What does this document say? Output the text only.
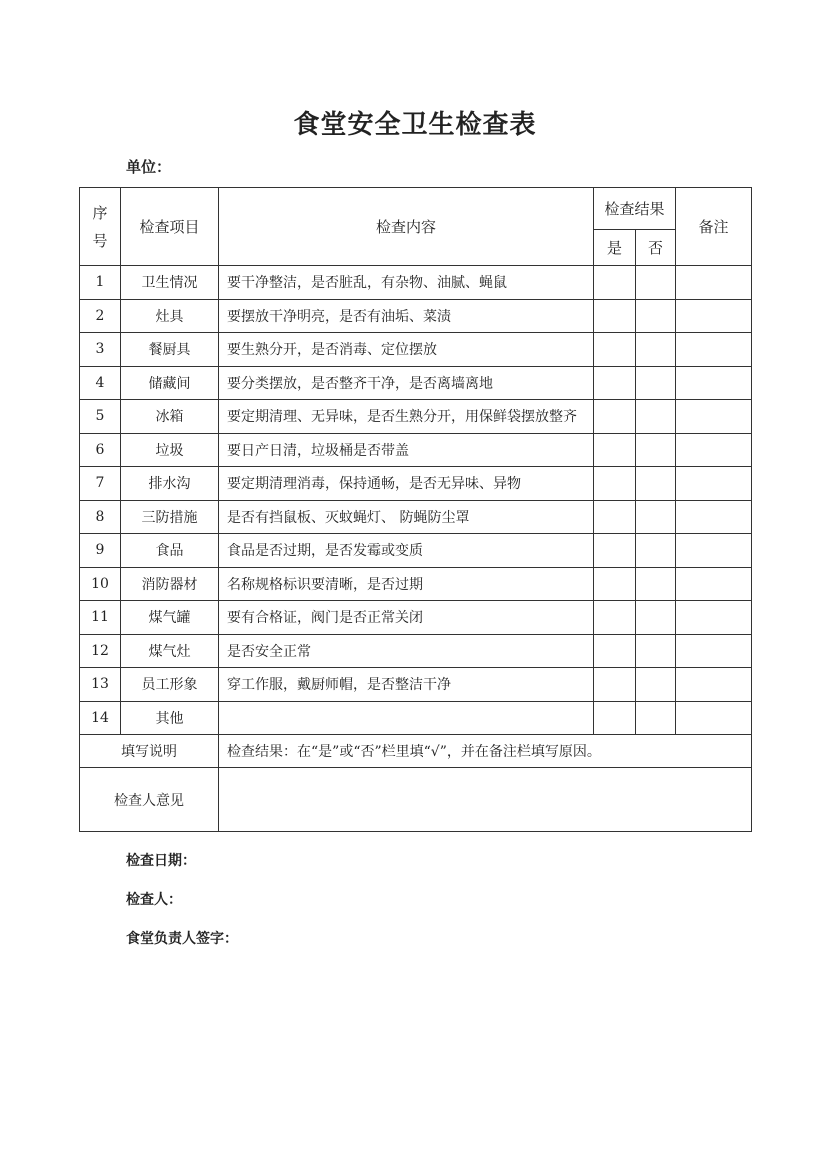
食堂安全卫生检查表
单位：
序
号	检查项目	检查内容	检查结果		备注
			是	否	
1	卫生情况	要干净整洁，是否脏乱，有杂物、油腻、蝇鼠			
2	灶具	要摆放干净明亮，是否有油垢、菜渍			
3	餐厨具	要生熟分开，是否消毒、定位摆放			
4	储藏间	要分类摆放，是否整齐干净，是否离墙离地			
5	冰箱	要定期清理、无异味，是否生熟分开，用保鲜袋摆放整齐			
6	垃圾	要日产日清，垃圾桶是否带盖			
7	排水沟	要定期清理消毒，保持通畅，是否无异味、异物			
8	三防措施	是否有挡鼠板、灭蚊蝇灯、 防蝇防尘罩			
9	食品	食品是否过期，是否发霉或变质			
10	消防器材	名称规格标识要清晰，是否过期			
11	煤气罐	要有合格证，阀门是否正常关闭			
12	煤气灶	是否安全正常			
13	员工形象	穿工作服，戴厨师帽，是否整洁干净			
14	其他				
填写说明		检查结果：在“是”或“否”栏里填“√”，并在备注栏填写原因。			
检查人意见					
检查日期：
检查人：
食堂负责人签字：
